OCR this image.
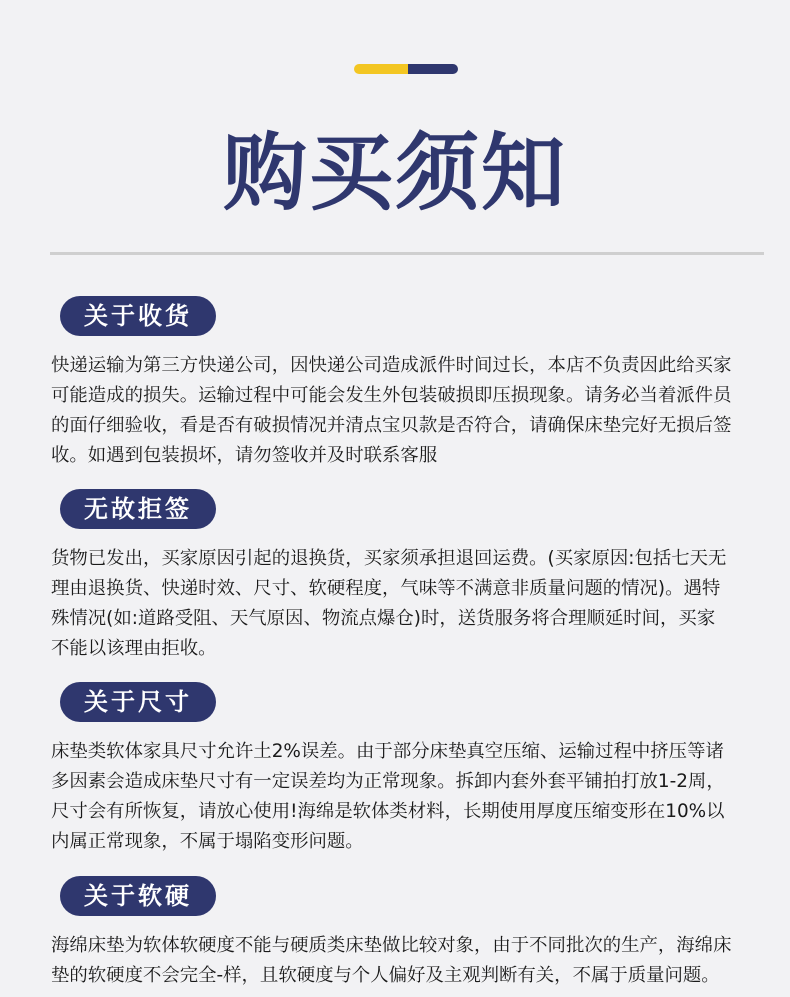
购买须知
关于收货

快递运输为第三方快递公司，因快递公司造成派件时间过长，本店不负责因此给买家
可能造成的损失。运输过程中可能会发生外包装破损即压损现象。请务必当着派件员
的面仔细验收，看是否有破损情况并清点宝贝款是否符合，请确保床垫完好无损后签
收。如遇到包装损坏，请勿签收并及时联系客服

无故拒签

货物已发出，买家原因引起的退换货，买家须承担退回运费。(买家原因:包括七天无
理由退换货、快递时效、尺寸、软硬程度，气味等不满意非质量问题的情况)。遇特
殊情况(如:道路受阻、天气原因、物流点爆仓)时，送货服务将合理顺延时间，买家
不能以该理由拒收。

关于尺寸

床垫类软体家具尺寸允许土2%误差。由于部分床垫真空压缩、运输过程中挤压等诸
多因素会造成床垫尺寸有一定误差均为正常现象。拆卸内套外套平铺拍打放1-2周，
尺寸会有所恢复，请放心使用!海绵是软体类材料，长期使用厚度压缩变形在10%以
内属正常现象，不属于塌陷变形问题。

关于软硬

海绵床垫为软体软硬度不能与硬质类床垫做比较对象，由于不同批次的生产，海绵床
垫的软硬度不会完全-样，且软硬度与个人偏好及主观判断有关，不属于质量问题。
